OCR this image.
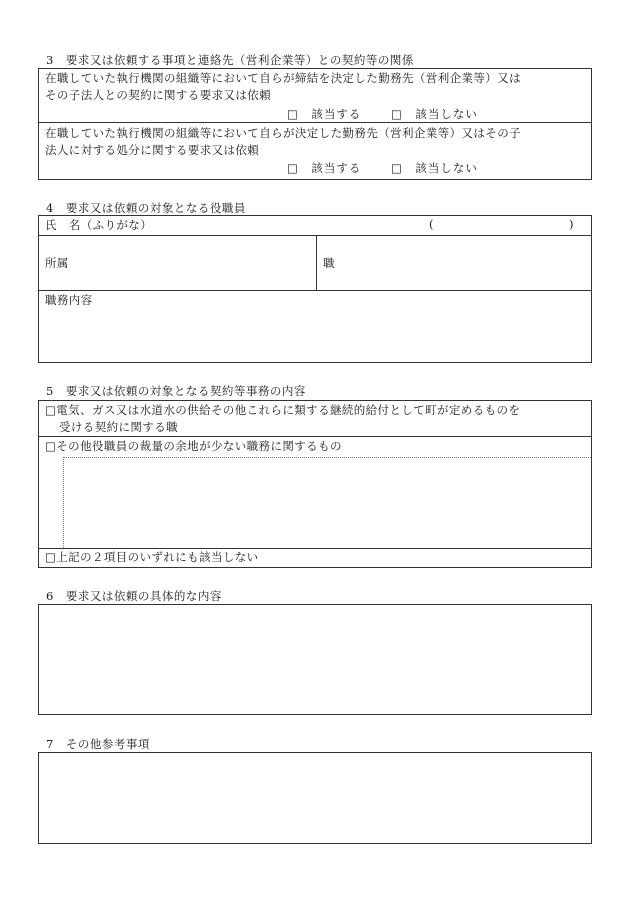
3　要求又は依頼する事項と連絡先（営利企業等）との契約等の関係
在職していた執行機関の組織等において自らが締結を決定した勤務先（営利企業等）又は
その子法人との契約に関する要求又は依頼
□　該当する	□　該当しない
在職していた執行機関の組織等において自らが決定した勤務先（営利企業等）又はその子
法人に対する処分に関する要求又は依頼
□　該当する	□　該当しない
4　要求又は依頼の対象となる役職員
氏　名（ふりがな）	(	)
所属	職
職務内容
5　要求又は依頼の対象となる契約等事務の内容
□電気、ガス又は水道水の供給その他これらに類する継続的給付として町が定めるものを
受ける契約に関する職
□その他役職員の裁量の余地が少ない職務に関するもの
□上記の２項目のいずれにも該当しない
6　要求又は依頼の具体的な内容
7　その他参考事項
